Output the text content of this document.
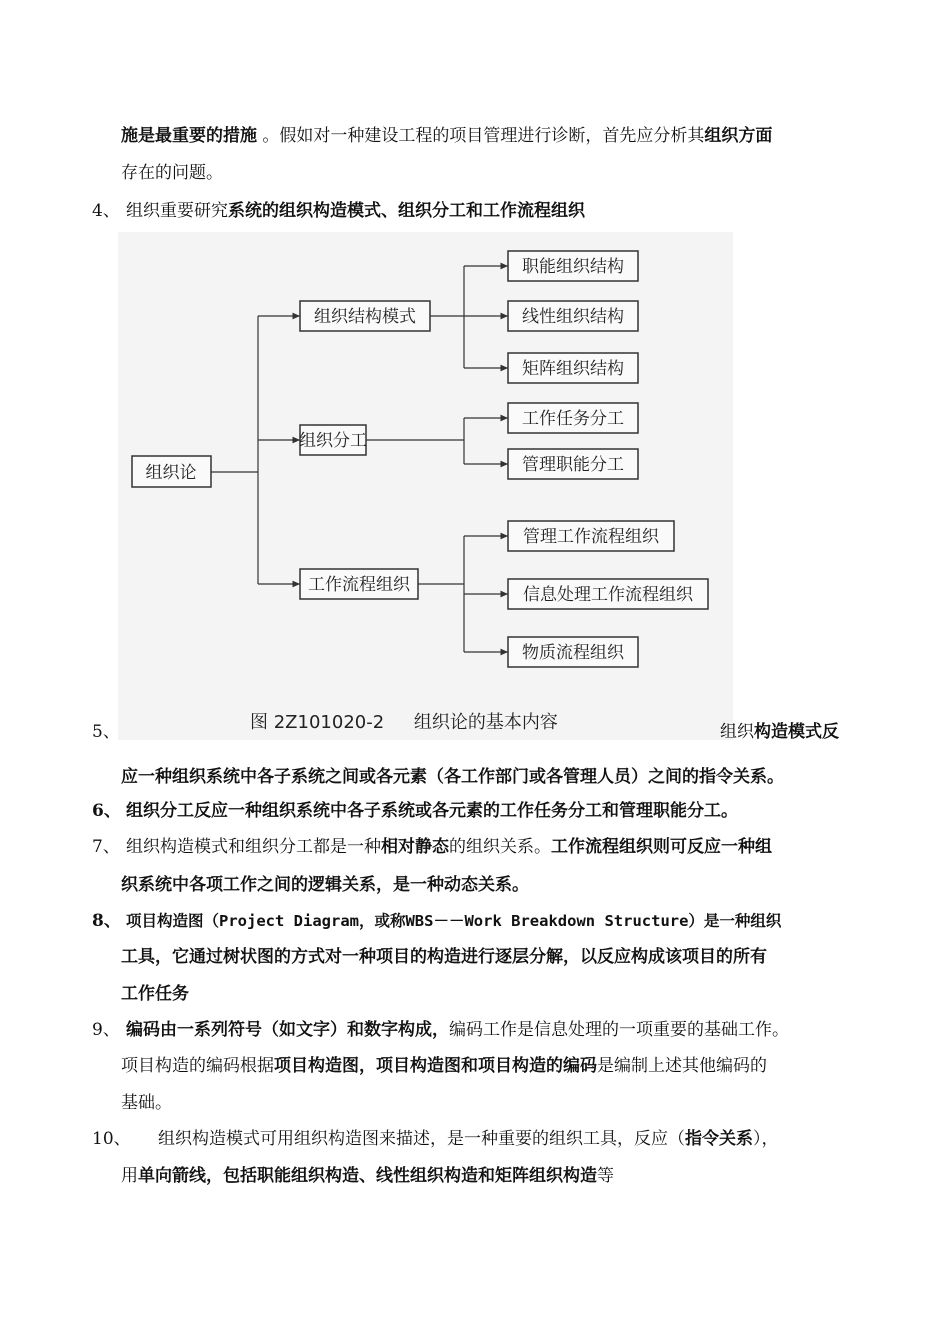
施是最重要的措施 。假如对一种建设工程的项目管理进行诊断，首先应分析其组织方面
存在的问题。
4、 组织重要研究系统的组织构造模式、组织分工和工作流程组织
组织论
组织结构模式
组织分工
工作流程组织
职能组织结构
线性组织结构
矩阵组织结构
工作任务分工
管理职能分工
管理工作流程组织
信息处理工作流程组织
物质流程组织
图 2Z101020-2 组织论的基本内容
5、	组织构造模式反
应一种组织系统中各子系统之间或各元素（各工作部门或各管理人员）之间的指令关系。
6、 组织分工反应一种组织系统中各子系统或各元素的工作任务分工和管理职能分工。
7、 组织构造模式和组织分工都是一种相对静态的组织关系。工作流程组织则可反应一种组
织系统中各项工作之间的逻辑关系，是一种动态关系。
8、 项目构造图（Project Diagram，或称WBS－－Work Breakdown Structure）是一种组织
工具，它通过树状图的方式对一种项目的构造进行逐层分解，以反应构成该项目的所有
工作任务
9、 编码由一系列符号（如文字）和数字构成，编码工作是信息处理的一项重要的基础工作。
项目构造的编码根据项目构造图，项目构造图和项目构造的编码是编制上述其他编码的
基础。
10、 组织构造模式可用组织构造图来描述，是一种重要的组织工具，反应（指令关系），
用单向箭线，包括职能组织构造、线性组织构造和矩阵组织构造等
